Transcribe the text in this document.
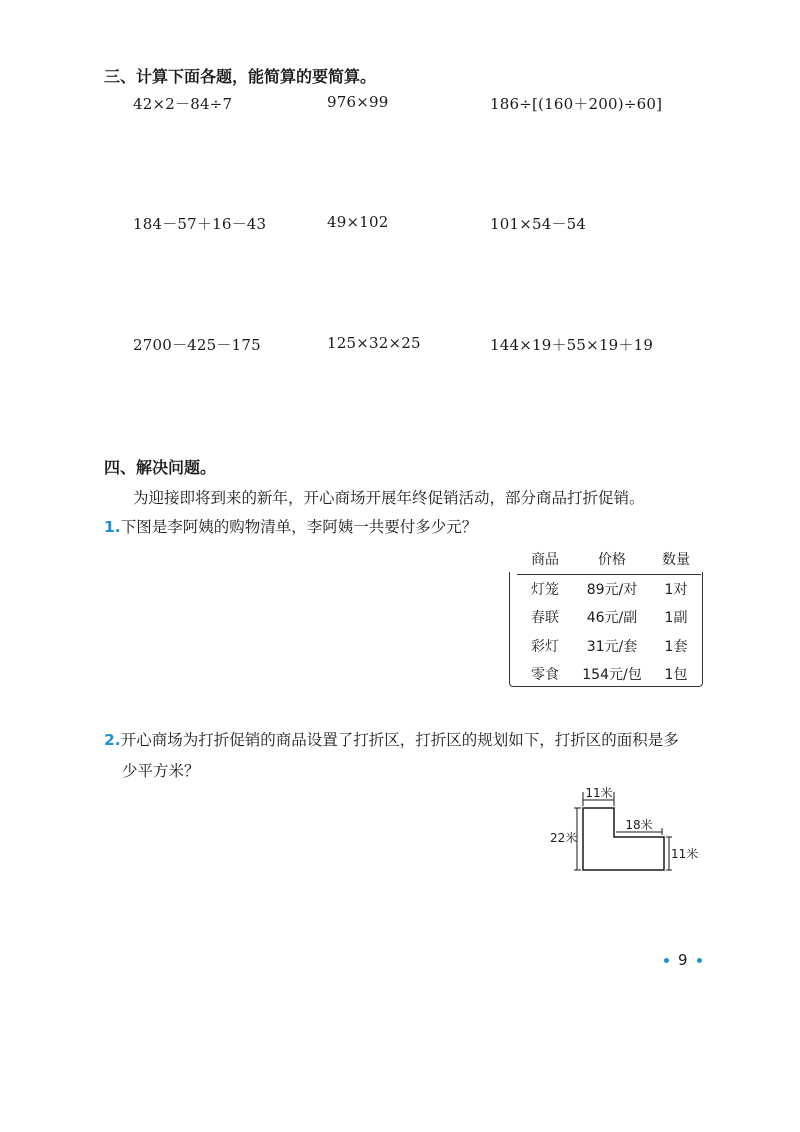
三、计算下面各题，能简算的要简算。
42×2－84÷7	976×99	186÷[(160＋200)÷60]
184－57＋16－43	49×102	101×54－54
2700－425－175	125×32×25	144×19＋55×19＋19
四、解决问题。
为迎接即将到来的新年，开心商场开展年终促销活动，部分商品打折促销。
1.下图是李阿姨的购物清单，李阿姨一共要付多少元？
商品	价格	数量
灯笼	89元/对	1对
春联	46元/副	1副
彩灯	31元/套	1套
零食	154元/包	1包
2.开心商场为打折促销的商品设置了打折区，打折区的规划如下，打折区的面积是多
少平方米？
11米
22米
18米
11米
9
